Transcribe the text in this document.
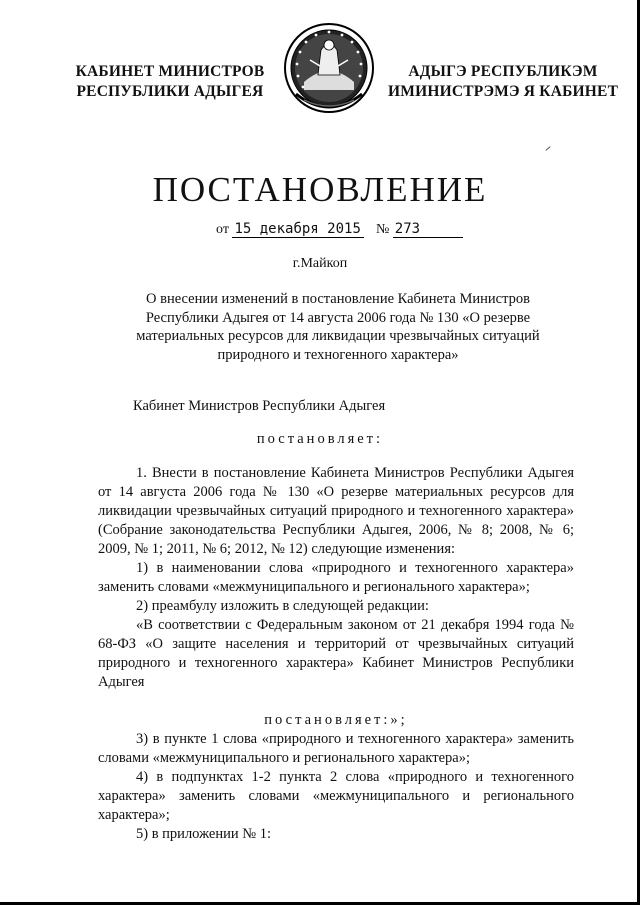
КАБИНЕТ МИНИСТРОВ
РЕСПУБЛИКИ АДЫГЕЯ
АДЫГЭ РЕСПУБЛИКЭМ
ИМИНИСТРЭМЭ Я КАБИНЕТ
ПОСТАНОВЛЕНИЕ
от 15 декабря 2015 № 273
г.Майкоп
О внесении изменений в постановление Кабинета Министров
Республики Адыгея от 14 августа 2006 года № 130 «О резерве
материальных ресурсов для ликвидации чрезвычайных ситуаций
природного и техногенного характера»
Кабинет Министров Республики Адыгея
постановляет:

1. Внести в постановление Кабинета Министров Республики Адыгея от 14 августа 2006 года № 130 «О резерве материальных ресурсов для ликвидации чрезвычайных ситуаций природного и техногенного характера» (Собрание законодательства Республики Адыгея, 2006, № 8; 2008, № 6; 2009, № 1; 2011, № 6; 2012, № 12) следующие изменения:

1) в наименовании слова «природного и техногенного характера» заменить словами «межмуниципального и регионального характера»;

2) преамбулу изложить в следующей редакции:

«В соответствии с Федеральным законом от 21 декабря 1994 года № 68-ФЗ «О защите населения и территорий от чрезвычайных ситуаций природного и техногенного характера» Кабинет Министров Республики Адыгея

постановляет:»;

3) в пункте 1 слова «природного и техногенного характера» заменить словами «межмуниципального и регионального характера»;

4) в подпунктах 1-2 пункта 2 слова «природного и техногенного характера» заменить словами «межмуниципального и регионального характера»;

5) в приложении № 1:
